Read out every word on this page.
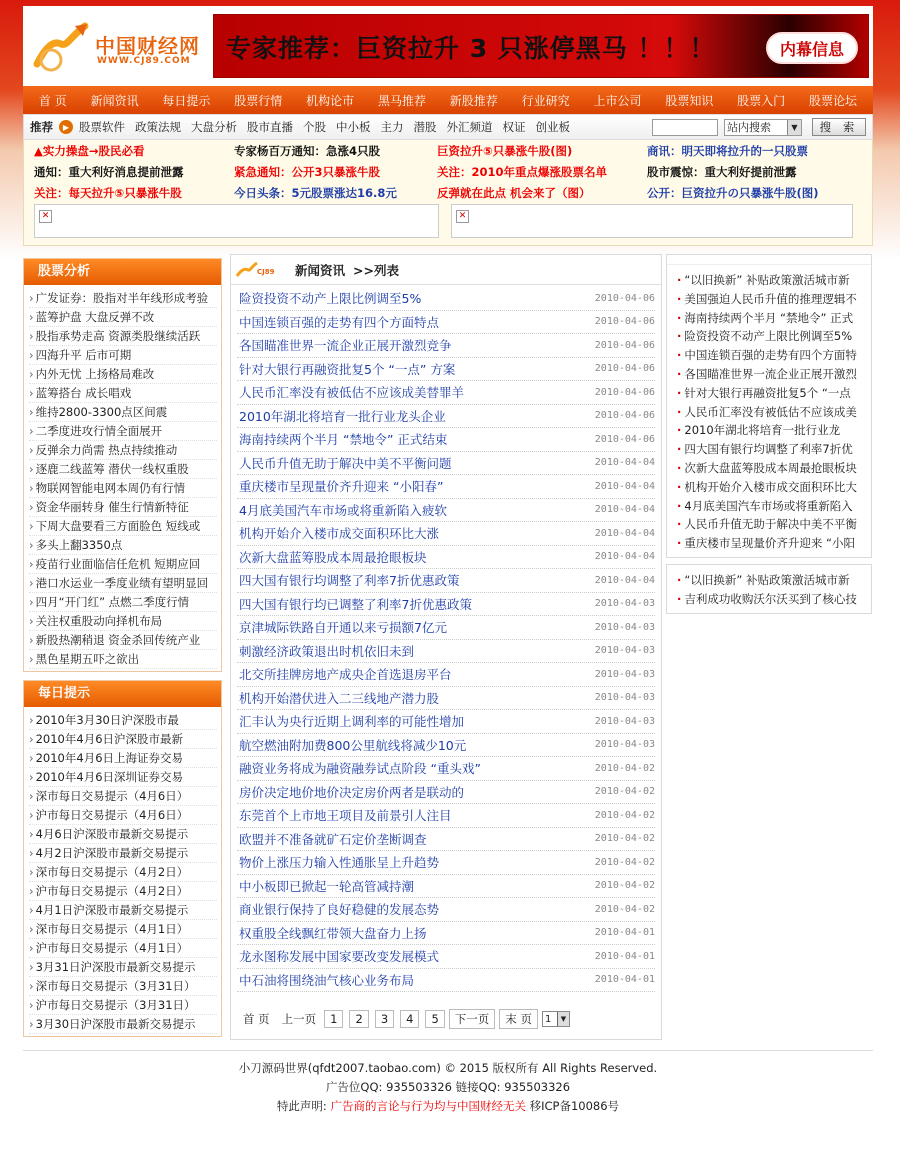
中国财经网
WWW.CJ89.COM 专家推荐：巨资拉升 3 只涨停黑马 ！！！	内幕信息
首 页 新闻资讯 每日提示 股票行情 机构论市 黑马推荐 新股推荐 行业研究 上市公司 股票知识 股票入门 股票论坛
推荐	▶ 股票软件 政策法规 大盘分析 股市直播 个股 中小板 主力 潜股 外汇频道 权证 创业板	站内搜索	▼	搜 索
▲实力操盘→股民必看	专家杨百万通知：急涨4只股	巨资拉升⑤只暴涨牛股(图)	商讯：明天即将拉升的一只股票
通知：重大利好消息提前泄露	紧急通知：公开3只暴涨牛股	关注：2010年重点爆涨股票名单	股市震惊：重大利好提前泄露
关注：每天拉升⑤只暴涨牛股	今日头条：5元股票涨达16.8元	反弹就在此点 机会来了（图）	公开：巨资拉升の只暴涨牛股(图)
✕	✕
股票分析
› 广发证券：股指对半年线形成考验
› 蓝筹护盘 大盘反弹不改
› 股指承势走高 资源类股继续活跃
› 四海升平 后市可期
› 内外无忧 上扬格局难改
› 蓝筹搭台 成长唱戏
› 维持2800-3300点区间震
› 二季度进攻行情全面展开
› 反弹余力尚需 热点持续推动
› 逐鹿二线蓝筹 潜伏一线权重股
› 物联网智能电网本周仍有行情
› 资金华丽转身 催生行情新特征
› 下周大盘要看三方面脸色 短线或
› 多头上翻3350点
› 疫苗行业面临信任危机 短期应回
› 港口水运业一季度业绩有望明显回
› 四月“开门红” 点燃二季度行情
› 关注权重股动向择机布局
› 新股热潮稍退 资金杀回传统产业
› 黑色星期五吓之欲出
每日提示
› 2010年3月30日沪深股市最
› 2010年4月6日沪深股市最新
› 2010年4月6日上海证券交易
› 2010年4月6日深圳证券交易
› 深市每日交易提示（4月6日）
› 沪市每日交易提示（4月6日）
› 4月6日沪深股市最新交易提示
› 4月2日沪深股市最新交易提示
› 深市每日交易提示（4月2日）
› 沪市每日交易提示（4月2日）
› 4月1日沪深股市最新交易提示
› 深市每日交易提示（4月1日）
› 沪市每日交易提示（4月1日）
› 3月31日沪深股市最新交易提示
› 深市每日交易提示（3月31日）
› 沪市每日交易提示（3月31日）
› 3月30日沪深股市最新交易提示
CJ89 新闻资讯 >>列表
险资投资不动产上限比例调至5%	2010-04-06
中国连锁百强的走势有四个方面特点	2010-04-06
各国瞄准世界一流企业正展开激烈竞争	2010-04-06
针对大银行再融资批复5个 “一点” 方案	2010-04-06
人民币汇率没有被低估不应该成美替罪羊	2010-04-06
2010年湖北将培育一批行业龙头企业	2010-04-06
海南持续两个半月 “禁地令” 正式结束	2010-04-06
人民币升值无助于解决中美不平衡问题	2010-04-04
重庆楼市呈现量价齐升迎来 “小阳春”	2010-04-04
4月底美国汽车市场或将重新陷入疲软	2010-04-04
机构开始介入楼市成交面积环比大涨	2010-04-04
次新大盘蓝筹股成本周最抢眼板块	2010-04-04
四大国有银行均调整了利率7折优惠政策	2010-04-04
四大国有银行均已调整了利率7折优惠政策	2010-04-03
京津城际铁路自开通以来亏损额7亿元	2010-04-03
刺激经济政策退出时机依旧未到	2010-04-03
北交所挂牌房地产成央企首选退房平台	2010-04-03
机构开始潜伏进入二三线地产潜力股	2010-04-03
汇丰认为央行近期上调利率的可能性增加	2010-04-03
航空燃油附加费800公里航线将减少10元	2010-04-03
融资业务将成为融资融券试点阶段 “重头戏”	2010-04-02
房价决定地价地价决定房价两者是联动的	2010-04-02
东莞首个上市地王项目及前景引人注目	2010-04-02
欧盟并不准备就矿石定价垄断调查	2010-04-02
物价上涨压力输入性通胀呈上升趋势	2010-04-02
中小板即已掀起一轮高管减持潮	2010-04-02
商业银行保持了良好稳健的发展态势	2010-04-02
权重股全线飘红带领大盘奋力上扬	2010-04-01
龙永图称发展中国家要改变发展模式	2010-04-01
中石油将围绕油气核心业务布局	2010-04-01
首 页	上一页	1	2	3	4	5	下一页	末 页	1	▼
· “以旧换新” 补贴政策激活城市新
· 美国强迫人民币升值的推理逻辑不
· 海南持续两个半月 “禁地令” 正式
· 险资投资不动产上限比例调至5%
· 中国连锁百强的走势有四个方面特
· 各国瞄准世界一流企业正展开激烈
· 针对大银行再融资批复5个 “一点
· 人民币汇率没有被低估不应该成美
· 2010年湖北将培育一批行业龙
· 四大国有银行均调整了利率7折优
· 次新大盘蓝筹股成本周最抢眼板块
· 机构开始介入楼市成交面积环比大
· 4月底美国汽车市场或将重新陷入
· 人民币升值无助于解决中美不平衡
· 重庆楼市呈现量价齐升迎来 “小阳
· “以旧换新” 补贴政策激活城市新
· 吉利成功收购沃尔沃买到了核心技
小刀源码世界(qfdt2007.taobao.com) © 2015 版权所有 All Rights Reserved.
广告位QQ: 935503326 链接QQ: 935503326
特此声明: 广告商的言论与行为均与中国财经无关 移ICP备10086号
